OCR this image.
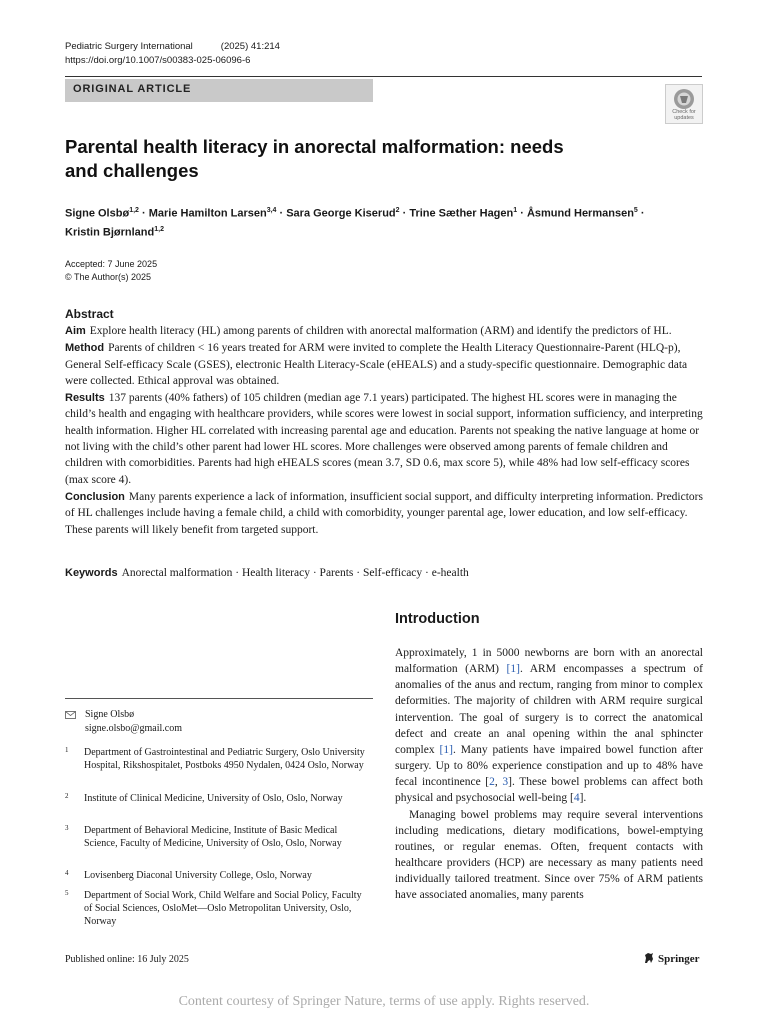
Pediatric Surgery International	(2025) 41:214
https://doi.org/10.1007/s00383-025-06096-6
ORIGINAL ARTICLE
Check for updates
Parental health literacy in anorectal malformation: needs and challenges
Signe Olsbø$^{1,2}$ · Marie Hamilton Larsen$^{3,4}$ · Sara George Kiserud$^2$ · Trine Sæther Hagen$^1$ · Åsmund Hermansen$^5$ ·
Kristin Bjørnland$^{1,2}$
Accepted: 7 June 2025
© The Author(s) 2025
Abstract

Aim Explore health literacy (HL) among parents of children with anorectal malformation (ARM) and identify the predictors of HL.

Method Parents of children < 16 years treated for ARM were invited to complete the Health Literacy Questionnaire-Parent (HLQ-p), General Self-efficacy Scale (GSES), electronic Health Literacy-Scale (eHEALS) and a study-specific questionnaire. Demographic data were collected. Ethical approval was obtained.

Results 137 parents (40% fathers) of 105 children (median age 7.1 years) participated. The highest HL scores were in managing the child’s health and engaging with healthcare providers, while scores were lowest in social support, information sufficiency, and interpreting health information. Higher HL correlated with increasing parental age and education. Parents not speaking the native language at home or not living with the child’s other parent had lower HL scores. More challenges were observed among parents of female children and children with comorbidities. Parents had high eHEALS scores (mean 3.7, SD 0.6, max score 5), while 48% had low self-efficacy scores (max score 4).

Conclusion Many parents experience a lack of information, insufficient social support, and difficulty interpreting information. Predictors of HL challenges include having a female child, a child with comorbidity, younger parental age, lower education, and low self-efficacy. These parents will likely benefit from targeted support.

Keywords Anorectal malformation · Health literacy · Parents · Self-efficacy · e-health
Introduction

Approximately, 1 in 5000 newborns are born with an anorectal malformation (ARM) [1]. ARM encompasses a spectrum of anomalies of the anus and rectum, ranging from minor to complex deformities. The majority of children with ARM require surgical intervention. The goal of surgery is to correct the anatomical defect and create an anal opening within the anal sphincter complex [1]. Many patients have impaired bowel function after surgery. Up to 80% experience constipation and up to 48% have fecal incontinence [2, 3]. These bowel problems can affect both physical and psychosocial well-being [4].

Managing bowel problems may require several interventions including medications, dietary modifications, bowel-emptying routines, or regular enemas. Often, frequent contacts with healthcare providers (HCP) are necessary as many patients need individually tailored treatment. Since over 75% of ARM patients have associated anomalies, many parents

Signe Olsbø
signe.olsbo@gmail.com
1 Department of Gastrointestinal and Pediatric Surgery, Oslo University Hospital, Rikshospitalet, Postboks 4950 Nydalen, 0424 Oslo, Norway
2 Institute of Clinical Medicine, University of Oslo, Oslo, Norway
3 Department of Behavioral Medicine, Institute of Basic Medical Science, Faculty of Medicine, University of Oslo, Oslo, Norway
4 Lovisenberg Diaconal University College, Oslo, Norway
5 Department of Social Work, Child Welfare and Social Policy, Faculty of Social Sciences, OsloMet—Oslo Metropolitan University, Oslo, Norway
Published online: 16 July 2025	Springer
Content courtesy of Springer Nature, terms of use apply. Rights reserved.
